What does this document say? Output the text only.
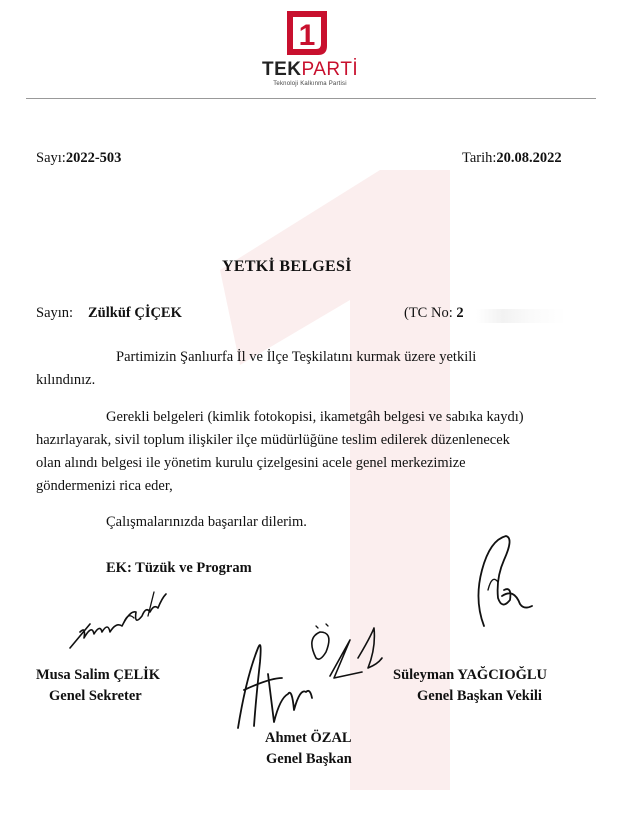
1
TEKPARTİ
Teknoloji Kalkınma Partisi
Sayı:2022-503	Tarih:20.08.2022
YETKİ BELGESİ
Sayın: Zülküf ÇİÇEK	(TC No: 2
Partimizin Şanlıurfa İl ve İlçe Teşkilatını kurmak üzere yetkili
kılındınız.
Gerekli belgeleri (kimlik fotokopisi, ikametgâh belgesi ve sabıka kaydı)
hazırlayarak, sivil toplum ilişkiler ilçe müdürlüğüne teslim edilerek düzenlenecek
olan alındı belgesi ile yönetim kurulu çizelgesini acele genel merkezimize
göndermenizi rica eder,
Çalışmalarınızda başarılar dilerim.
EK: Tüzük ve Program
Musa Salim ÇELİK
Genel Sekreter
Ahmet ÖZAL
Genel Başkan
Süleyman YAĞCIOĞLU
Genel Başkan Vekili
